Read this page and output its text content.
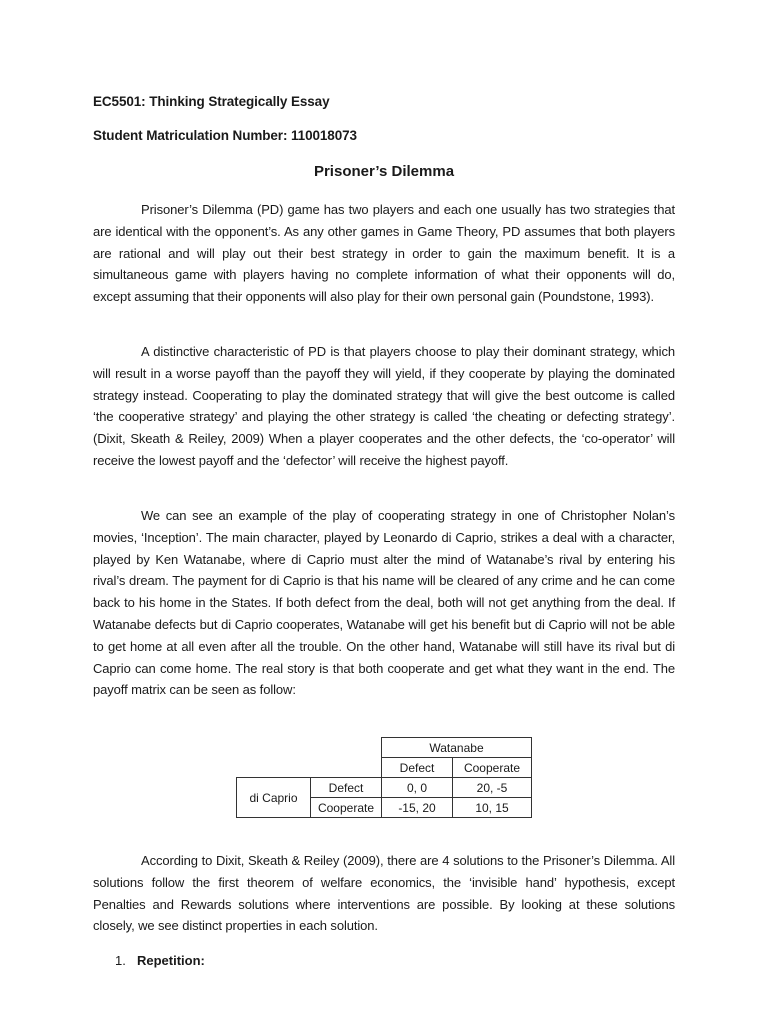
EC5501: Thinking Strategically Essay
Student Matriculation Number: 110018073
Prisoner’s Dilemma

Prisoner’s Dilemma (PD) game has two players and each one usually has two strategies that are identical with the opponent’s. As any other games in Game Theory, PD assumes that both players are rational and will play out their best strategy in order to gain the maximum benefit. It is a simultaneous game with players having no complete information of what their opponents will do, except assuming that their opponents will also play for their own personal gain (Poundstone, 1993).

A distinctive characteristic of PD is that players choose to play their dominant strategy, which will result in a worse payoff than the payoff they will yield, if they cooperate by playing the dominated strategy instead. Cooperating to play the dominated strategy that will give the best outcome is called ‘the cooperative strategy’ and playing the other strategy is called ‘the cheating or defecting strategy’. (Dixit, Skeath & Reiley, 2009) When a player cooperates and the other defects, the ‘co-operator’ will receive the lowest payoff and the ‘defector’ will receive the highest payoff.

We can see an example of the play of cooperating strategy in one of Christopher Nolan’s movies, ‘Inception’. The main character, played by Leonardo di Caprio, strikes a deal with a character, played by Ken Watanabe, where di Caprio must alter the mind of Watanabe’s rival by entering his rival’s dream. The payment for di Caprio is that his name will be cleared of any crime and he can come back to his home in the States. If both defect from the deal, both will not get anything from the deal. If Watanabe defects but di Caprio cooperates, Watanabe will get his benefit but di Caprio will not be able to get home at all even after all the trouble. On the other hand, Watanabe will still have its rival but di Caprio can come home. The real story is that both cooperate and get what they want in the end. The payoff matrix can be seen as follow:

		Watanabe	
		Defect	Cooperate
di Caprio	Defect	0, 0	20, -5
	Cooperate	-15, 20	10, 15

According to Dixit, Skeath & Reiley (2009), there are 4 solutions to the Prisoner’s Dilemma. All solutions follow the first theorem of welfare economics, the ‘invisible hand’ hypothesis, except Penalties and Rewards solutions where interventions are possible. By looking at these solutions closely, we see distinct properties in each solution.

1. Repetition:
